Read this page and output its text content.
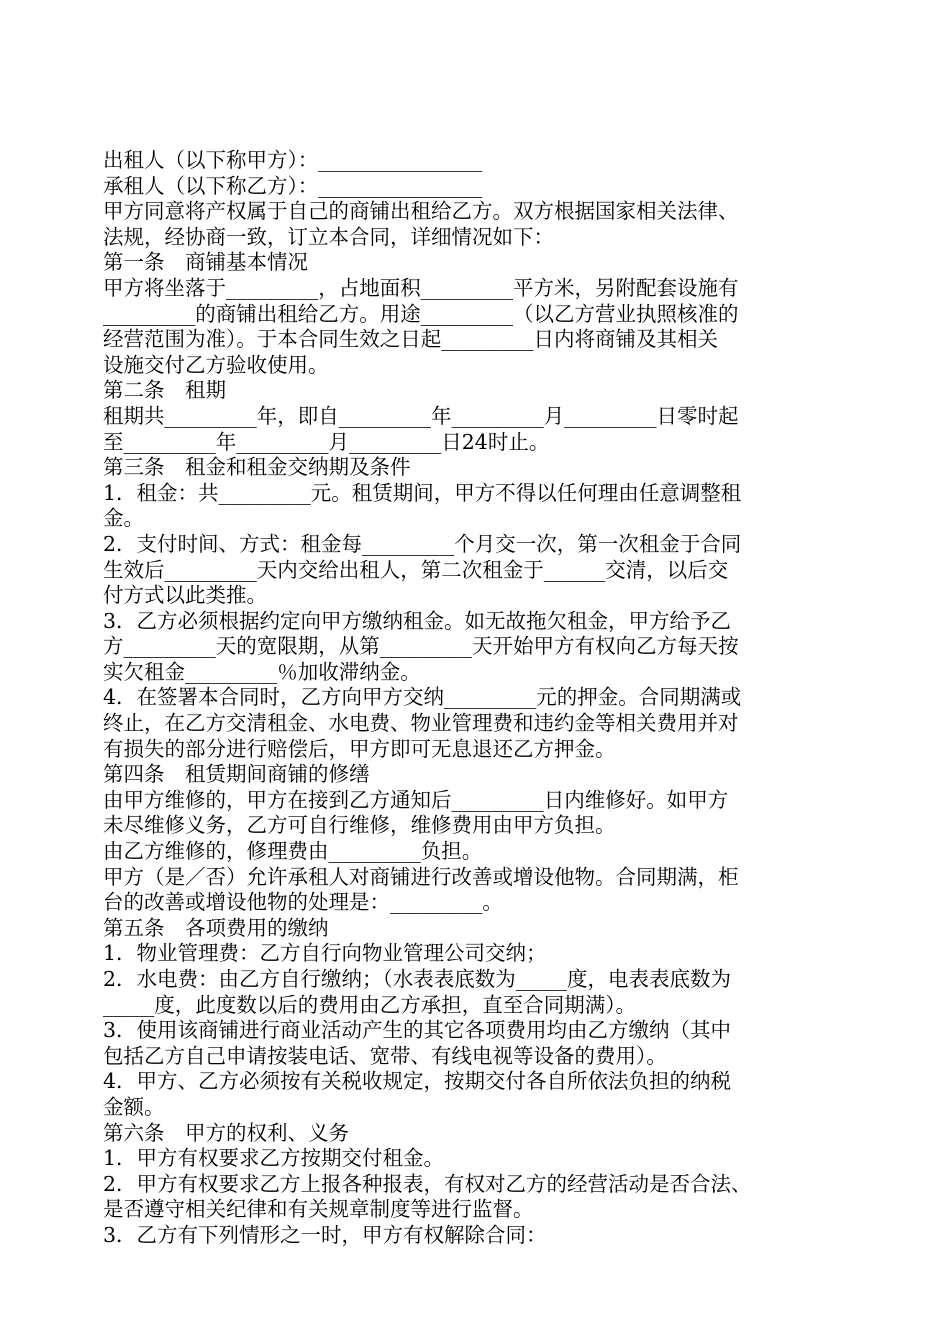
出租人（以下称甲方）：________________
承租人（以下称乙方）：________________
甲方同意将产权属于自己的商铺出租给乙方。双方根据国家相关法律、
法规，经协商一致，订立本合同，详细情况如下：
第一条　商铺基本情况
甲方将坐落于_________，占地面积_________平方米，另附配套设施有
_________的商铺出租给乙方。用途_________（以乙方营业执照核准的
经营范围为准）。于本合同生效之日起_________日内将商铺及其相关
设施交付乙方验收使用。
第二条　租期
租期共_________年，即自_________年_________月_________日零时起
至_________年_________月_________日24时止。
第三条　租金和租金交纳期及条件
1．租金：共_________元。租赁期间，甲方不得以任何理由任意调整租
金。
2．支付时间、方式：租金每_________个月交一次，第一次租金于合同
生效后_________天内交给出租人，第二次租金于______交清，以后交
付方式以此类推。
3．乙方必须根据约定向甲方缴纳租金。如无故拖欠租金，甲方给予乙
方_________天的宽限期，从第_________天开始甲方有权向乙方每天按
实欠租金_________％加收滞纳金。
4．在签署本合同时，乙方向甲方交纳_________元的押金。合同期满或
终止，在乙方交清租金、水电费、物业管理费和违约金等相关费用并对
有损失的部分进行赔偿后，甲方即可无息退还乙方押金。
第四条　租赁期间商铺的修缮
由甲方维修的，甲方在接到乙方通知后_________日内维修好。如甲方
未尽维修义务，乙方可自行维修，维修费用由甲方负担。
由乙方维修的，修理费由_________负担。
甲方（是／否）允许承租人对商铺进行改善或增设他物。合同期满，柜
台的改善或增设他物的处理是：_________。
第五条　各项费用的缴纳
1．物业管理费：乙方自行向物业管理公司交纳；
2．水电费：由乙方自行缴纳；（水表表底数为_____度，电表表底数为
_____度，此度数以后的费用由乙方承担，直至合同期满）。
3．使用该商铺进行商业活动产生的其它各项费用均由乙方缴纳（其中
包括乙方自己申请按装电话、宽带、有线电视等设备的费用）。
4．甲方、乙方必须按有关税收规定，按期交付各自所依法负担的纳税
金额。
第六条　甲方的权利、义务
1．甲方有权要求乙方按期交付租金。
2．甲方有权要求乙方上报各种报表，有权对乙方的经营活动是否合法、
是否遵守相关纪律和有关规章制度等进行监督。
3．乙方有下列情形之一时，甲方有权解除合同：
